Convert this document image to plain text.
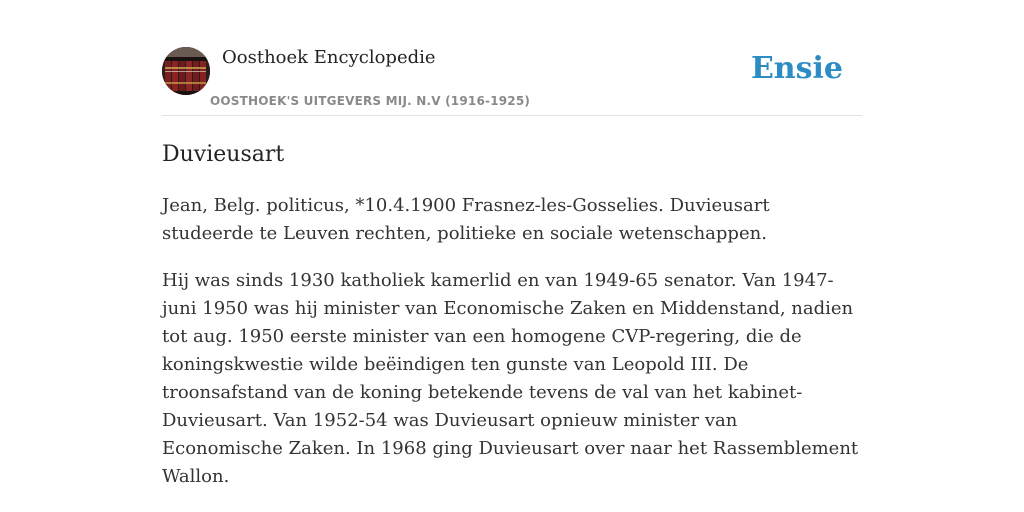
Oosthoek Encyclopedie
OOSTHOEK'S UITGEVERS MIJ. N.V (1916-1925)
Ensie
Duvieusart

Jean, Belg. politicus, *10.4.1900 Frasnez-les-Gosselies. Duvieusart studeerde te Leuven rechten, politieke en sociale wetenschappen.

Hij was sinds 1930 katholiek kamerlid en van 1949-65 senator. Van 1947-juni 1950 was hij minister van Economische Zaken en Middenstand, nadien tot aug. 1950 eerste minister van een homogene CVP-regering, die de koningskwestie wilde beëindigen ten gunste van Leopold III. De troonsafstand van de koning betekende tevens de val van het kabinet-Duvieusart. Van 1952-54 was Duvieusart opnieuw minister van Economische Zaken. In 1968 ging Duvieusart over naar het Rassemblement Wallon.
